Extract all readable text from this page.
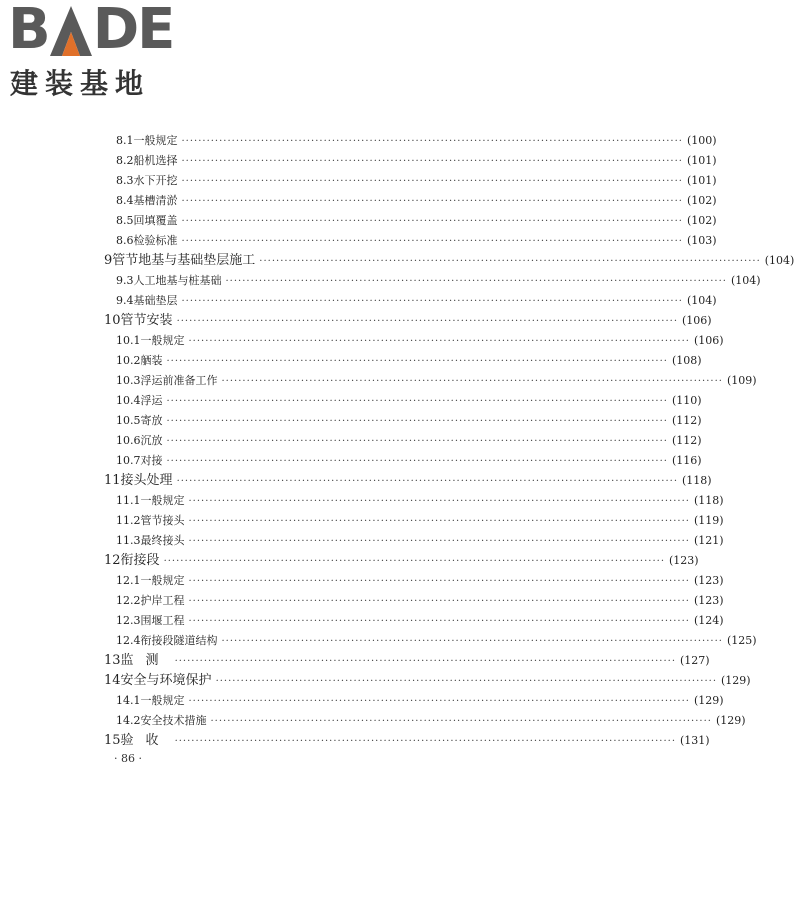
B DE
建装基地
8.1 一般规定 ························································································································ (100)
8.2 船机选择 ························································································································ (101)
8.3 水下开挖 ························································································································ (101)
8.4 基槽清淤 ························································································································ (102)
8.5 回填覆盖 ························································································································ (102)
8.6 检验标准 ························································································································ (103)
9 管节地基与基础垫层施工 ························································································································ (104)
9.3 人工地基与桩基础 ························································································································ (104)
9.4 基础垫层 ························································································································ (104)
10 管节安装 ························································································································ (106)
10.1 一般规定 ························································································································ (106)
10.2 舾装 ························································································································ (108)
10.3 浮运前准备工作 ························································································································ (109)
10.4 浮运 ························································································································ (110)
10.5 寄放 ························································································································ (112)
10.6 沉放 ························································································································ (112)
10.7 对接 ························································································································ (116)
11 接头处理 ························································································································ (118)
11.1 一般规定 ························································································································ (118)
11.2 管节接头 ························································································································ (119)
11.3 最终接头 ························································································································ (121)
12 衔接段 ························································································································ (123)
12.1 一般规定 ························································································································ (123)
12.2 护岸工程 ························································································································ (123)
12.3 围堰工程 ························································································································ (124)
12.4 衔接段隧道结构 ························································································································ (125)
13 监测 ························································································································ (127)
14 安全与环境保护 ························································································································ (129)
14.1 一般规定 ························································································································ (129)
14.2 安全技术措施 ························································································································ (129)
15 验收 ························································································································ (131)
· 86 ·
